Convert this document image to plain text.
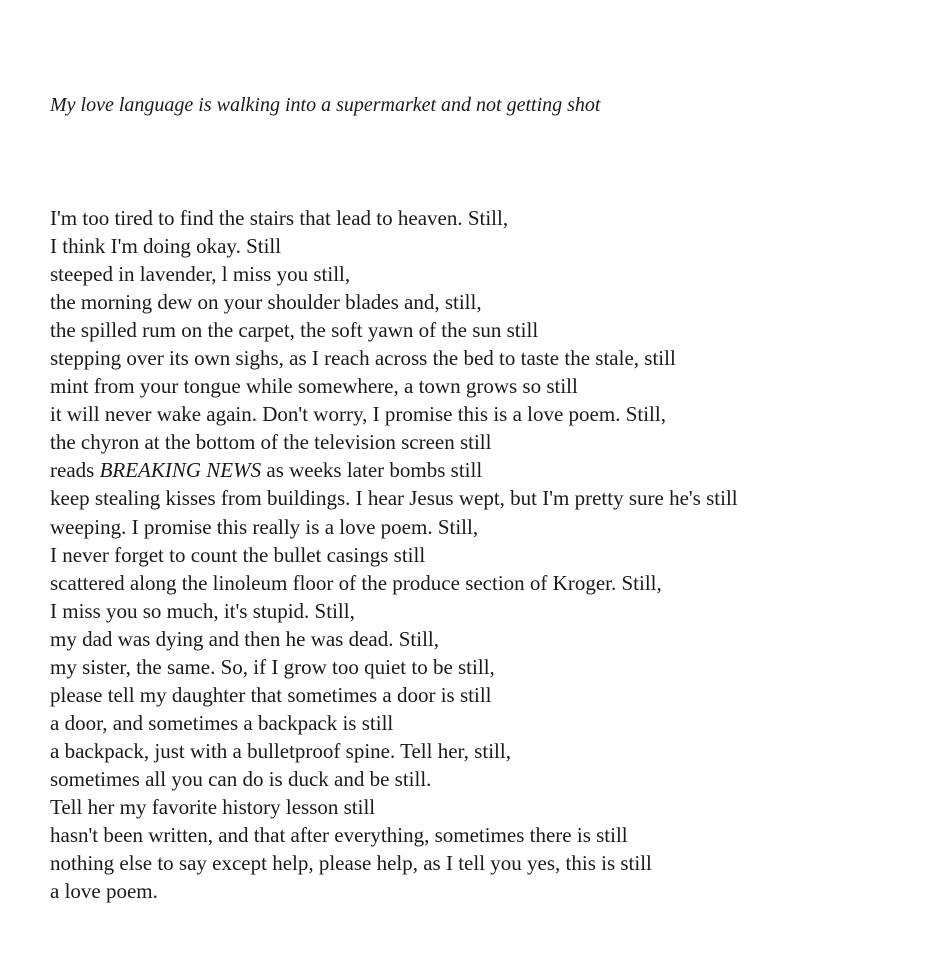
My love language is walking into a supermarket and not getting shot
I'm too tired to find the stairs that lead to heaven. Still,
I think I'm doing okay. Still
steeped in lavender, l miss you still,
the morning dew on your shoulder blades and, still,
the spilled rum on the carpet, the soft yawn of the sun still
stepping over its own sighs, as I reach across the bed to taste the stale, still
mint from your tongue while somewhere, a town grows so still
it will never wake again. Don't worry, I promise this is a love poem. Still,
the chyron at the bottom of the television screen still
reads BREAKING NEWS as weeks later bombs still
keep stealing kisses from buildings. I hear Jesus wept, but I'm pretty sure he's still
weeping. I promise this really is a love poem. Still,
I never forget to count the bullet casings still
scattered along the linoleum floor of the produce section of Kroger. Still,
I miss you so much, it's stupid. Still,
my dad was dying and then he was dead. Still,
my sister, the same. So, if I grow too quiet to be still,
please tell my daughter that sometimes a door is still
a door, and sometimes a backpack is still
a backpack, just with a bulletproof spine. Tell her, still,
sometimes all you can do is duck and be still.
Tell her my favorite history lesson still
hasn't been written, and that after everything, sometimes there is still
nothing else to say except help, please help, as I tell you yes, this is still
a love poem.
